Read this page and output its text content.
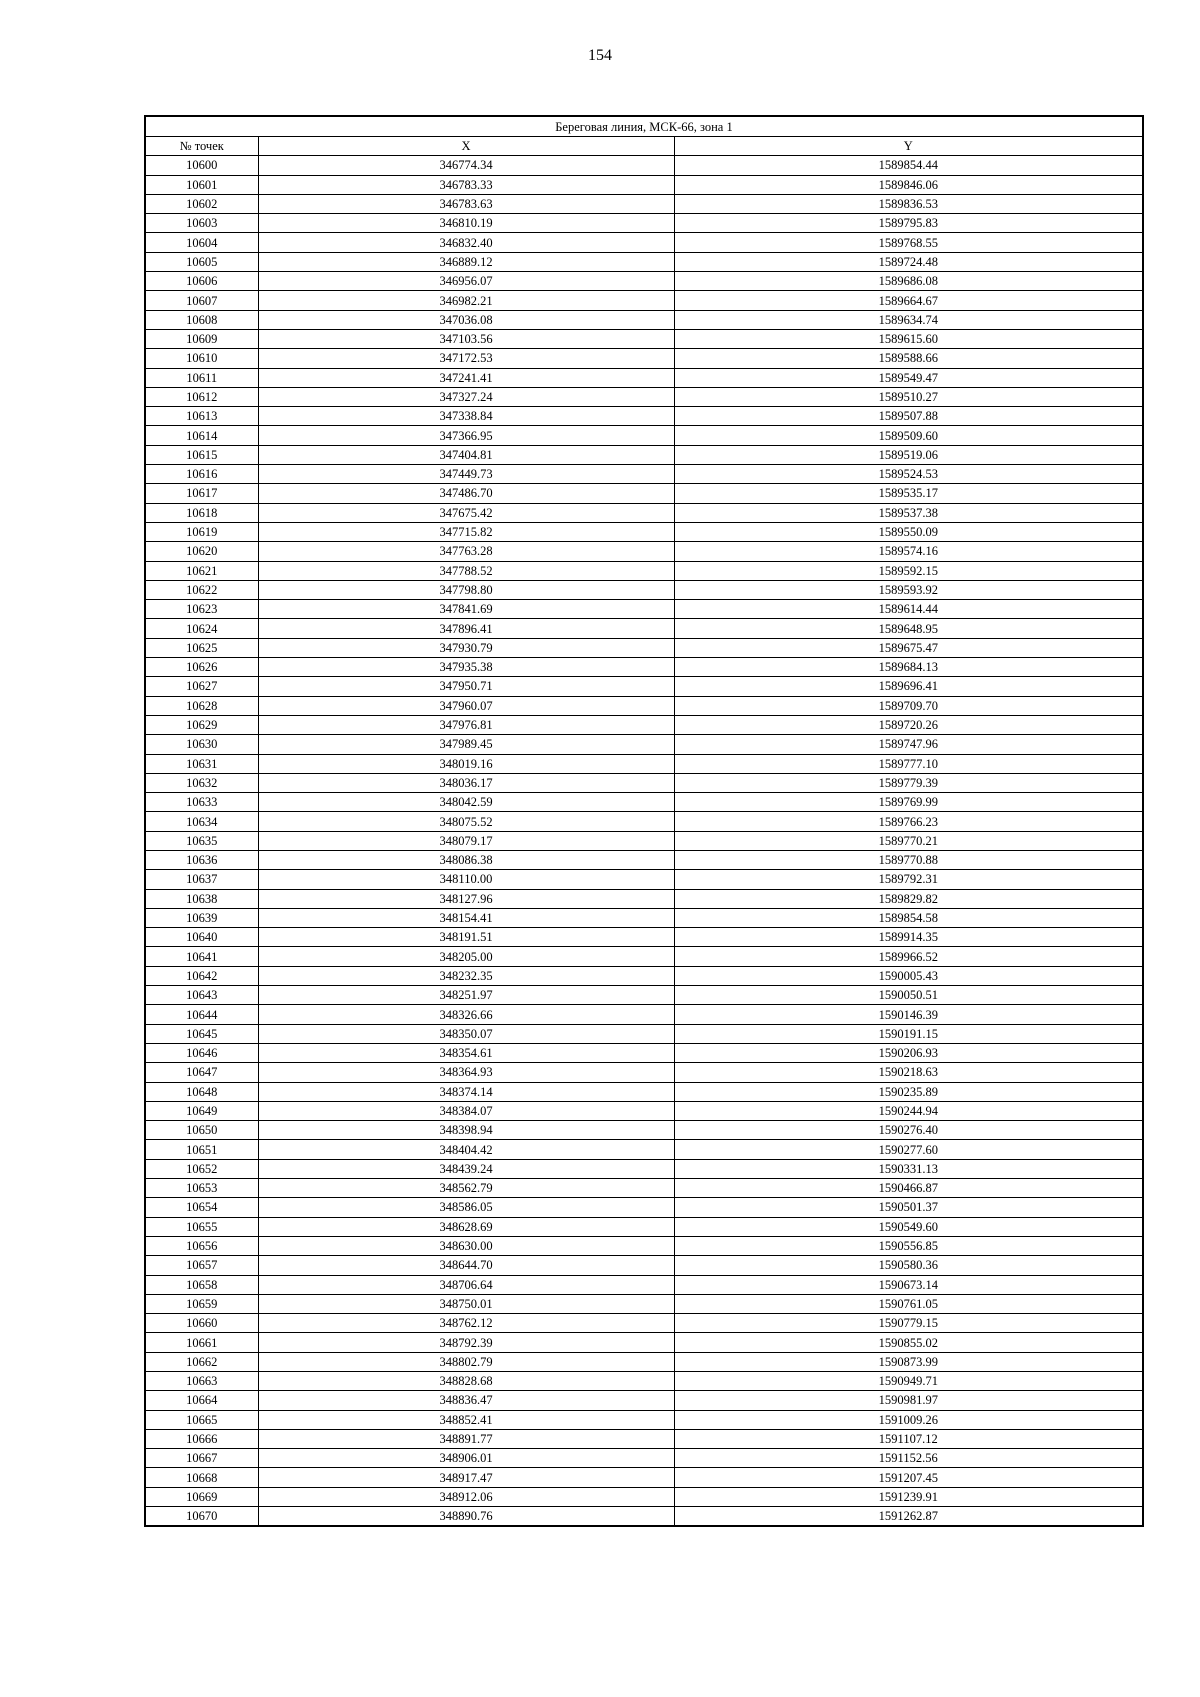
154
Береговая линия, МСК-66, зона 1		
№ точек	X	Y
10600	346774.34	1589854.44
10601	346783.33	1589846.06
10602	346783.63	1589836.53
10603	346810.19	1589795.83
10604	346832.40	1589768.55
10605	346889.12	1589724.48
10606	346956.07	1589686.08
10607	346982.21	1589664.67
10608	347036.08	1589634.74
10609	347103.56	1589615.60
10610	347172.53	1589588.66
10611	347241.41	1589549.47
10612	347327.24	1589510.27
10613	347338.84	1589507.88
10614	347366.95	1589509.60
10615	347404.81	1589519.06
10616	347449.73	1589524.53
10617	347486.70	1589535.17
10618	347675.42	1589537.38
10619	347715.82	1589550.09
10620	347763.28	1589574.16
10621	347788.52	1589592.15
10622	347798.80	1589593.92
10623	347841.69	1589614.44
10624	347896.41	1589648.95
10625	347930.79	1589675.47
10626	347935.38	1589684.13
10627	347950.71	1589696.41
10628	347960.07	1589709.70
10629	347976.81	1589720.26
10630	347989.45	1589747.96
10631	348019.16	1589777.10
10632	348036.17	1589779.39
10633	348042.59	1589769.99
10634	348075.52	1589766.23
10635	348079.17	1589770.21
10636	348086.38	1589770.88
10637	348110.00	1589792.31
10638	348127.96	1589829.82
10639	348154.41	1589854.58
10640	348191.51	1589914.35
10641	348205.00	1589966.52
10642	348232.35	1590005.43
10643	348251.97	1590050.51
10644	348326.66	1590146.39
10645	348350.07	1590191.15
10646	348354.61	1590206.93
10647	348364.93	1590218.63
10648	348374.14	1590235.89
10649	348384.07	1590244.94
10650	348398.94	1590276.40
10651	348404.42	1590277.60
10652	348439.24	1590331.13
10653	348562.79	1590466.87
10654	348586.05	1590501.37
10655	348628.69	1590549.60
10656	348630.00	1590556.85
10657	348644.70	1590580.36
10658	348706.64	1590673.14
10659	348750.01	1590761.05
10660	348762.12	1590779.15
10661	348792.39	1590855.02
10662	348802.79	1590873.99
10663	348828.68	1590949.71
10664	348836.47	1590981.97
10665	348852.41	1591009.26
10666	348891.77	1591107.12
10667	348906.01	1591152.56
10668	348917.47	1591207.45
10669	348912.06	1591239.91
10670	348890.76	1591262.87
